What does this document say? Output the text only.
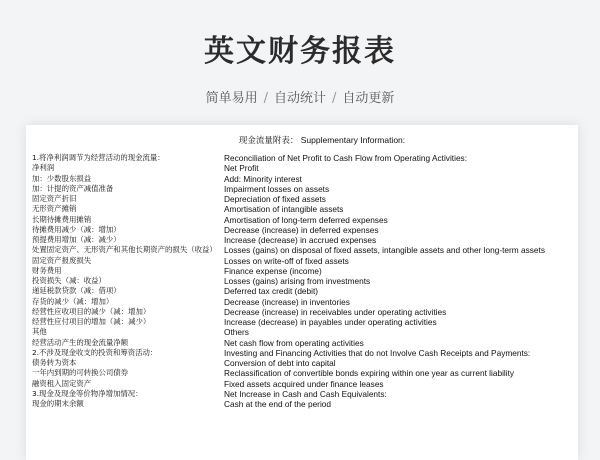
英文财务报表
简单易用 / 自动统计 / 自动更新
现金流量附表： Supplementary Information:
1.将净利润调节为经营活动的现金流量：	Reconciliation of Net Profit to Cash Flow from Operating Activities:
净利润	Net Profit
加：少数股东损益	Add: Minority interest
加：计提的资产减值准备	Impairment losses on assets
固定资产折旧	Depreciation of fixed assets
无形资产摊销	Amortisation of intangible assets
长期待摊费用摊销	Amortisation of long-term deferred expenses
待摊费用减少（减：增加）	Decrease (increase) in deferred expenses
预提费用增加（减：减少）	Increase (decrease) in accrued expenses
处置固定资产、无形资产和其他长期资产的损失（收益） Losses (gains) on disposal of fixed assets, intangible assets and other long-term assets
固定资产报废损失	Losses on write-off of fixed assets
财务费用	Finance expense (income)
投资损失（减：收益）	Losses (gains) arising from investments
递延税款贷款（减：借项）	Deferred tax credit (debit)
存货的减少（减：增加）	Decrease (increase) in inventories
经营性应收项目的减少（减：增加）	Decrease (increase) in receivables under operating activities
经营性应付项目的增加（减：减少）	Increase (decrease) in payables under operating activities
其他	Others
经营活动产生的现金流量净额	Net cash flow from operating activities
2.不涉及现金收支的投资和筹资活动：	Investing and Financing Activities that do not Involve Cash Receipts and Payments:
债务转为资本	Conversion of debt into capital
一年内到期的可转换公司债券	Reclassification of convertible bonds expiring within one year as current liability
融资租入固定资产	Fixed assets acquired under finance leases
3.现金及现金等价物净增加情况：	Net Increase in Cash and Cash Equivalents:
现金的期末余额	Cash at the end of the period
